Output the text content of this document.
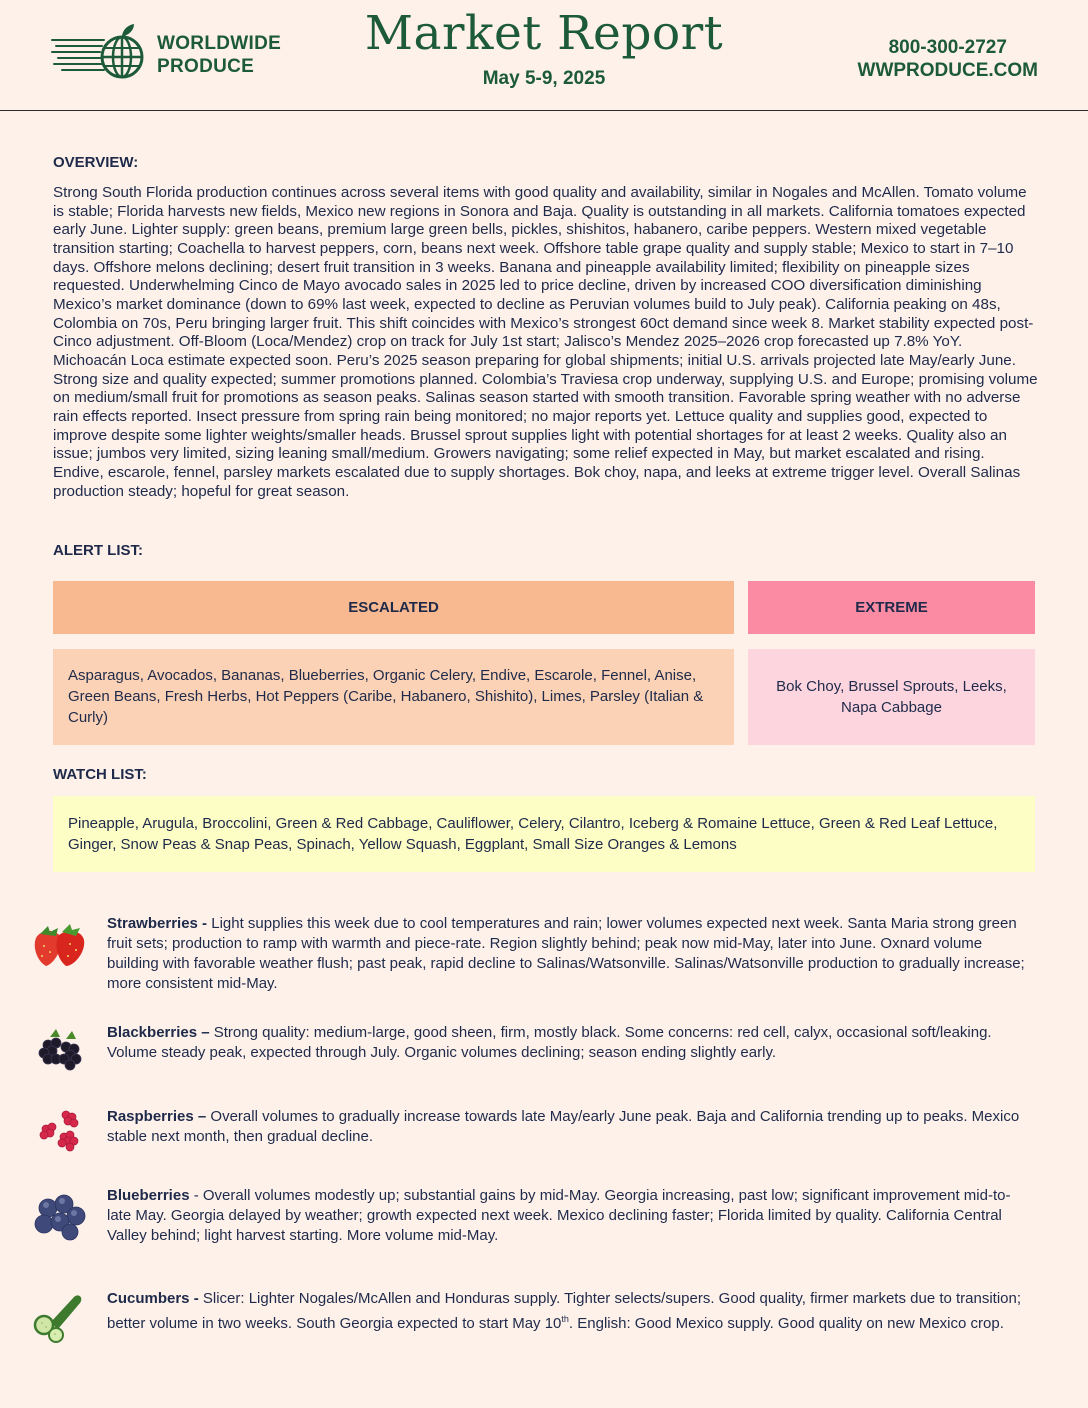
WORLDWIDE
PRODUCE
Market Report
May 5-9, 2025
800-300-2727
WWPRODUCE.COM
OVERVIEW:
Strong South Florida production continues across several items with good quality and availability, similar in Nogales and McAllen. Tomato volume is stable; Florida harvests new fields, Mexico new regions in Sonora and Baja. Quality is outstanding in all markets. California tomatoes expected early June. Lighter supply: green beans, premium large green bells, pickles, shishitos, habanero, caribe peppers. Western mixed vegetable transition starting; Coachella to harvest peppers, corn, beans next week. Offshore table grape quality and supply stable; Mexico to start in 7–10 days. Offshore melons declining; desert fruit transition in 3 weeks. Banana and pineapple availability limited; flexibility on pineapple sizes requested. Underwhelming Cinco de Mayo avocado sales in 2025 led to price decline, driven by increased COO diversification diminishing Mexico’s market dominance (down to 69% last week, expected to decline as Peruvian volumes build to July peak). California peaking on 48s, Colombia on 70s, Peru bringing larger fruit. This shift coincides with Mexico’s strongest 60ct demand since week 8. Market stability expected post-Cinco adjustment. Off-Bloom (Loca/Mendez) crop on track for July 1st start; Jalisco’s Mendez 2025–2026 crop forecasted up 7.8% YoY. Michoacán Loca estimate expected soon. Peru’s 2025 season preparing for global shipments; initial U.S. arrivals projected late May/early June. Strong size and quality expected; summer promotions planned. Colombia’s Traviesa crop underway, supplying U.S. and Europe; promising volume on medium/small fruit for promotions as season peaks. Salinas season started with smooth transition. Favorable spring weather with no adverse rain effects reported. Insect pressure from spring rain being monitored; no major reports yet. Lettuce quality and supplies good, expected to improve despite some lighter weights/smaller heads. Brussel sprout supplies light with potential shortages for at least 2 weeks. Quality also an issue; jumbos very limited, sizing leaning small/medium. Growers navigating; some relief expected in May, but market escalated and rising. Endive, escarole, fennel, parsley markets escalated due to supply shortages. Bok choy, napa, and leeks at extreme trigger level. Overall Salinas production steady; hopeful for great season.
ALERT LIST:
ESCALATED	EXTREME
Asparagus, Avocados, Bananas, Blueberries, Organic Celery, Endive, Escarole, Fennel, Anise, Green Beans, Fresh Herbs, Hot Peppers (Caribe, Habanero, Shishito), Limes, Parsley (Italian & Curly)
Bok Choy, Brussel Sprouts, Leeks, Napa Cabbage
WATCH LIST:
Pineapple, Arugula, Broccolini, Green & Red Cabbage, Cauliflower, Celery, Cilantro, Iceberg & Romaine Lettuce, Green & Red Leaf Lettuce, Ginger, Snow Peas & Snap Peas, Spinach, Yellow Squash, Eggplant, Small Size Oranges & Lemons
Strawberries - Light supplies this week due to cool temperatures and rain; lower volumes expected next week. Santa Maria strong green fruit sets; production to ramp with warmth and piece-rate. Region slightly behind; peak now mid-May, later into June. Oxnard volume building with favorable weather flush; past peak, rapid decline to Salinas/Watsonville. Salinas/Watsonville production to gradually increase; more consistent mid-May.
Blackberries – Strong quality: medium-large, good sheen, firm, mostly black. Some concerns: red cell, calyx, occasional soft/leaking. Volume steady peak, expected through July. Organic volumes declining; season ending slightly early.
Raspberries – Overall volumes to gradually increase towards late May/early June peak. Baja and California trending up to peaks. Mexico stable next month, then gradual decline.
Blueberries - Overall volumes modestly up; substantial gains by mid-May. Georgia increasing, past low; significant improvement mid-to-late May. Georgia delayed by weather; growth expected next week. Mexico declining faster; Florida limited by quality. California Central Valley behind; light harvest starting. More volume mid-May.
Cucumbers - Slicer: Lighter Nogales/McAllen and Honduras supply. Tighter selects/supers. Good quality, firmer markets due to transition; better volume in two weeks. South Georgia expected to start May 10th. English: Good Mexico supply. Good quality on new Mexico crop.
